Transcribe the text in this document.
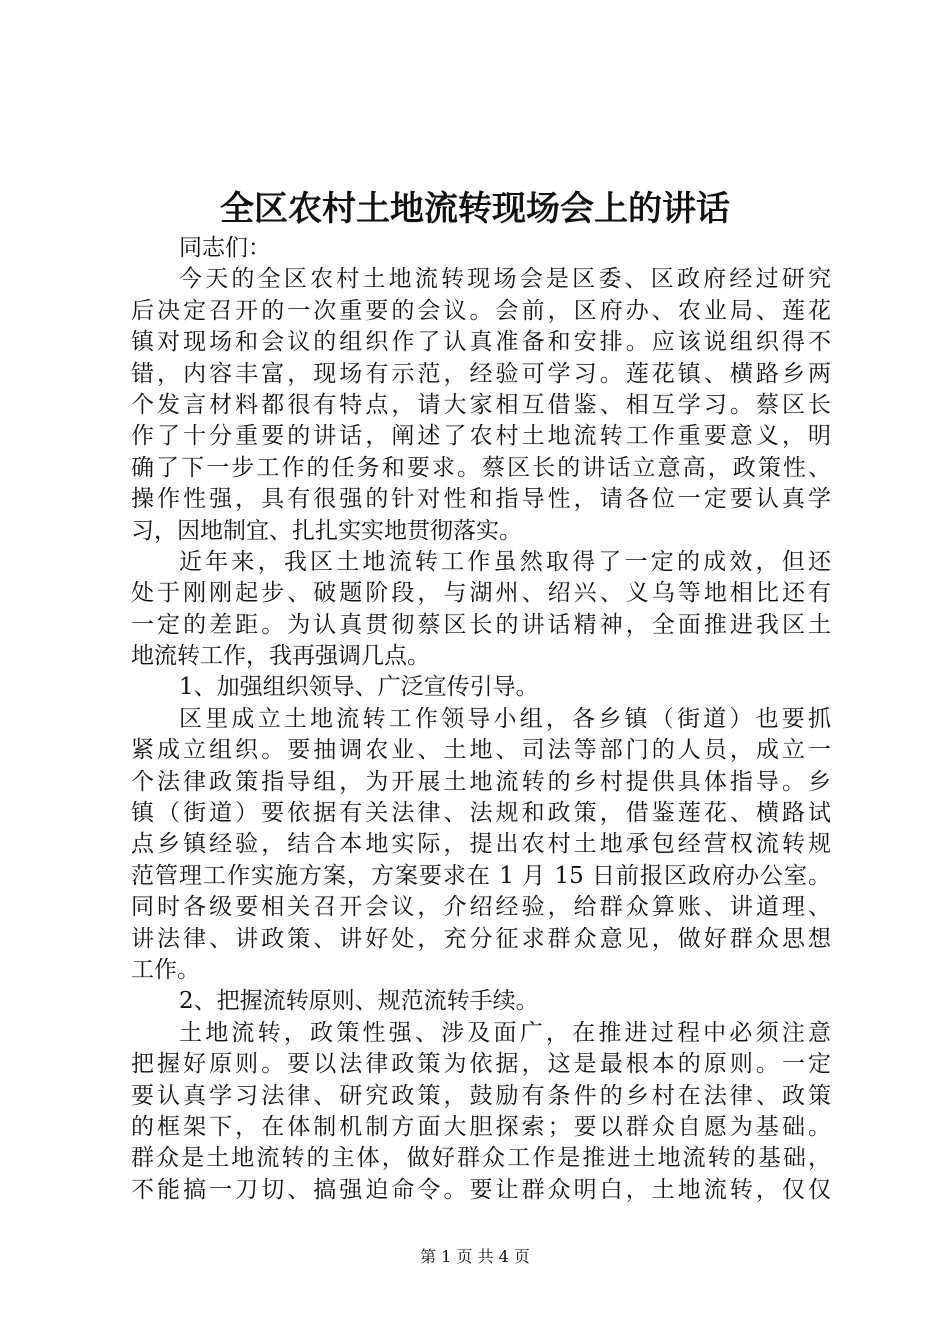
全区农村土地流转现场会上的讲话
同志们：
今天的全区农村土地流转现场会是区委、区政府经过研究
后决定召开的一次重要的会议。会前，区府办、农业局、莲花
镇对现场和会议的组织作了认真准备和安排。应该说组织得不
错，内容丰富，现场有示范，经验可学习。莲花镇、横路乡两
个发言材料都很有特点，请大家相互借鉴、相互学习。蔡区长
作了十分重要的讲话，阐述了农村土地流转工作重要意义，明
确了下一步工作的任务和要求。蔡区长的讲话立意高，政策性、
操作性强，具有很强的针对性和指导性，请各位一定要认真学
习，因地制宜、扎扎实实地贯彻落实。
近年来，我区土地流转工作虽然取得了一定的成效，但还
处于刚刚起步、破题阶段，与湖州、绍兴、义乌等地相比还有
一定的差距。为认真贯彻蔡区长的讲话精神，全面推进我区土
地流转工作，我再强调几点。
1、加强组织领导、广泛宣传引导。
区里成立土地流转工作领导小组，各乡镇（街道）也要抓
紧成立组织。要抽调农业、土地、司法等部门的人员，成立一
个法律政策指导组，为开展土地流转的乡村提供具体指导。乡
镇（街道）要依据有关法律、法规和政策，借鉴莲花、横路试
点乡镇经验，结合本地实际，提出农村土地承包经营权流转规
范管理工作实施方案，方案要求在 1 月 15 日前报区政府办公室。
同时各级要相关召开会议，介绍经验，给群众算账、讲道理、
讲法律、讲政策、讲好处，充分征求群众意见，做好群众思想
工作。
2、把握流转原则、规范流转手续。
土地流转，政策性强、涉及面广，在推进过程中必须注意
把握好原则。要以法律政策为依据，这是最根本的原则。一定
要认真学习法律、研究政策，鼓励有条件的乡村在法律、政策
的框架下，在体制机制方面大胆探索；要以群众自愿为基础。
群众是土地流转的主体，做好群众工作是推进土地流转的基础，
不能搞一刀切、搞强迫命令。要让群众明白，土地流转，仅仅
第 1 页 共 4 页
